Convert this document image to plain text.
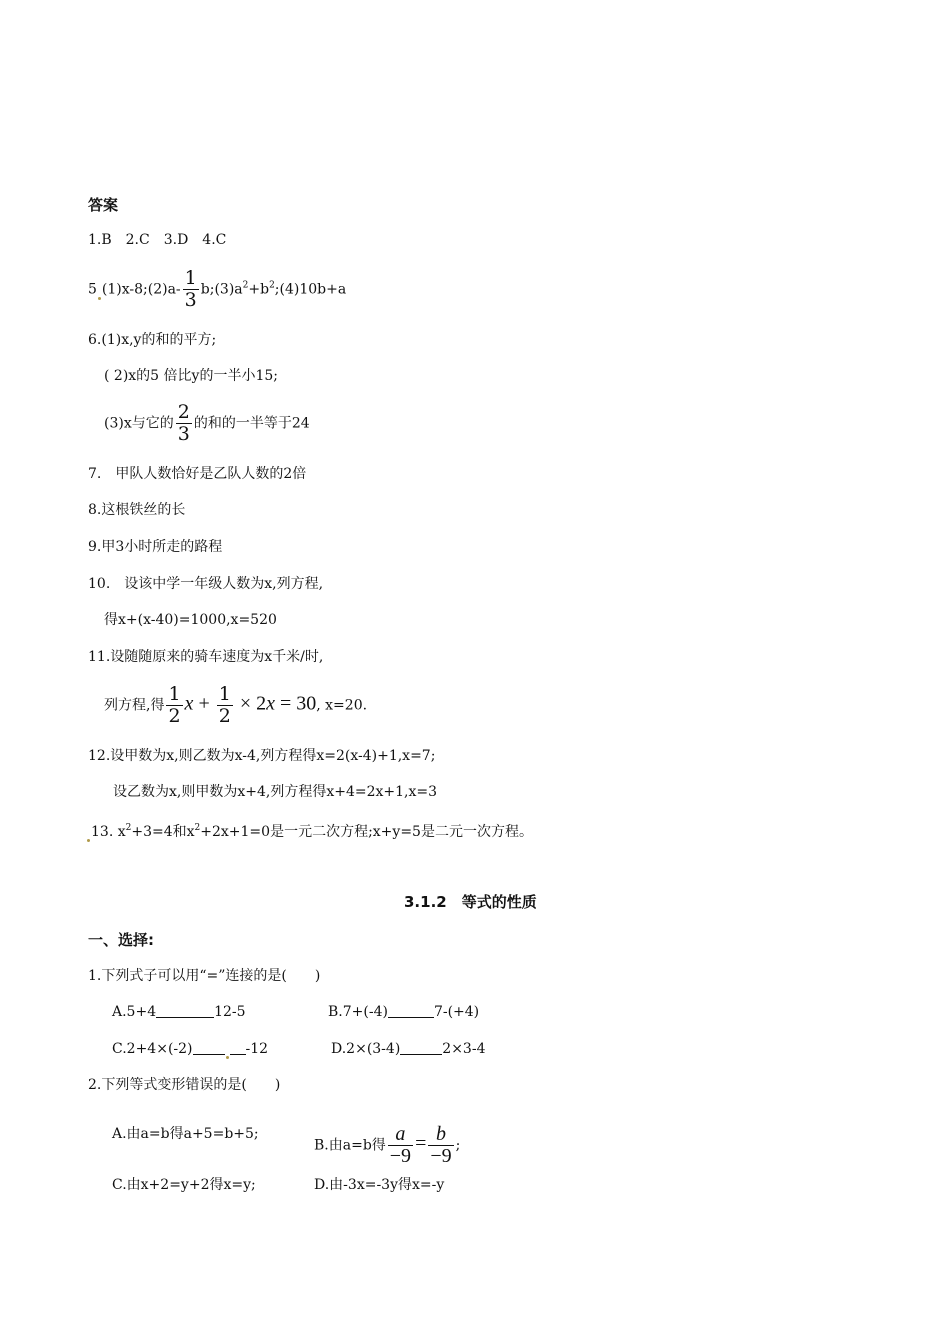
答案
1.B　2.C　3.D　4.C
5 (1)x-8;(2)a- $\frac{1}{3}$ $b;(3)a^2+b^2;(4)10b+a$
6.(1)x,y的和的平方;
( 2)x的5 倍比y的一半小15;
(3)x与它的 $\frac{2}{3}$ 的和的一半等于24
7.　甲队人数恰好是乙队人数的2倍
8.这根铁丝的长
9.甲3小时所走的路程
10.　设该中学一年级人数为x,列方程,
得x+(x-40)=1000,x=520
11.设随随原来的骑车速度为x千米/时,
列方程,得 $\frac{1}{2}$ $x + \frac{1}{2} \times 2x = 30$, x=20.
12.设甲数为x,则乙数为x-4,列方程得x=2(x-4)+1,x=7;
设乙数为x,则甲数为x+4,列方程得x+4=2x+1,x=3
13. $x^2+3=4$和$x^2+2x+1=0$是一元二次方程;x+y=5是二元一次方程。
3.1.2　等式的性质
一、选择:
1.下列式子可以用“=”连接的是(　　)
A.5+4	12-5	B.7+(-4)	7-(+4)
C.2+4×(-2)	-12	D.2×(3-4)	2×3-4
2.下列等式变形错误的是(　　)
A.由a=b得a+5=b+5;
B.由a=b得 $\frac{a}{-9} = \frac{b}{-9}$ ;
C.由x+2=y+2得x=y;	D.由-3x=-3y得x=-y
